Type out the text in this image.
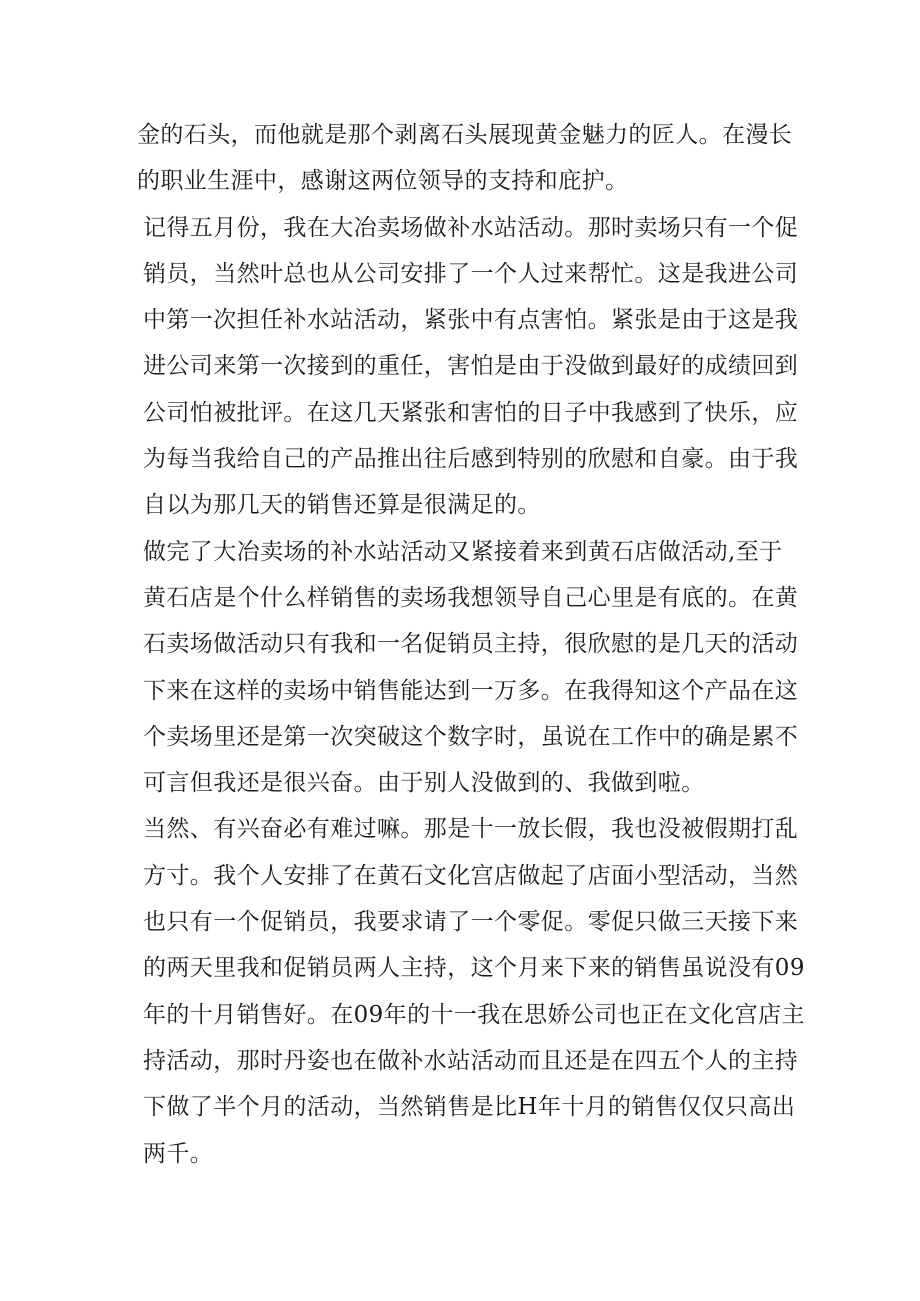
金的石头，而他就是那个剥离石头展现黄金魅力的匠人。在漫长
的职业生涯中，感谢这两位领导的支持和庇护。
记得五月份，我在大冶卖场做补水站活动。那时卖场只有一个促
销员，当然叶总也从公司安排了一个人过来帮忙。这是我进公司
中第一次担任补水站活动，紧张中有点害怕。紧张是由于这是我
进公司来第一次接到的重任，害怕是由于没做到最好的成绩回到
公司怕被批评。在这几天紧张和害怕的日子中我感到了快乐，应
为每当我给自己的产品推出往后感到特别的欣慰和自豪。由于我
自以为那几天的销售还算是很满足的。
做完了大冶卖场的补水站活动又紧接着来到黄石店做活动,至于
黄石店是个什么样销售的卖场我想领导自己心里是有底的。在黄
石卖场做活动只有我和一名促销员主持，很欣慰的是几天的活动
下来在这样的卖场中销售能达到一万多。在我得知这个产品在这
个卖场里还是第一次突破这个数字时，虽说在工作中的确是累不
可言但我还是很兴奋。由于别人没做到的、我做到啦。
当然、有兴奋必有难过嘛。那是十一放长假，我也没被假期打乱
方寸。我个人安排了在黄石文化宫店做起了店面小型活动，当然
也只有一个促销员，我要求请了一个零促。零促只做三天接下来
的两天里我和促销员两人主持，这个月来下来的销售虽说没有09
年的十月销售好。在09年的十一我在思娇公司也正在文化宫店主
持活动，那时丹姿也在做补水站活动而且还是在四五个人的主持
下做了半个月的活动，当然销售是比H年十月的销售仅仅只高出
两千。
